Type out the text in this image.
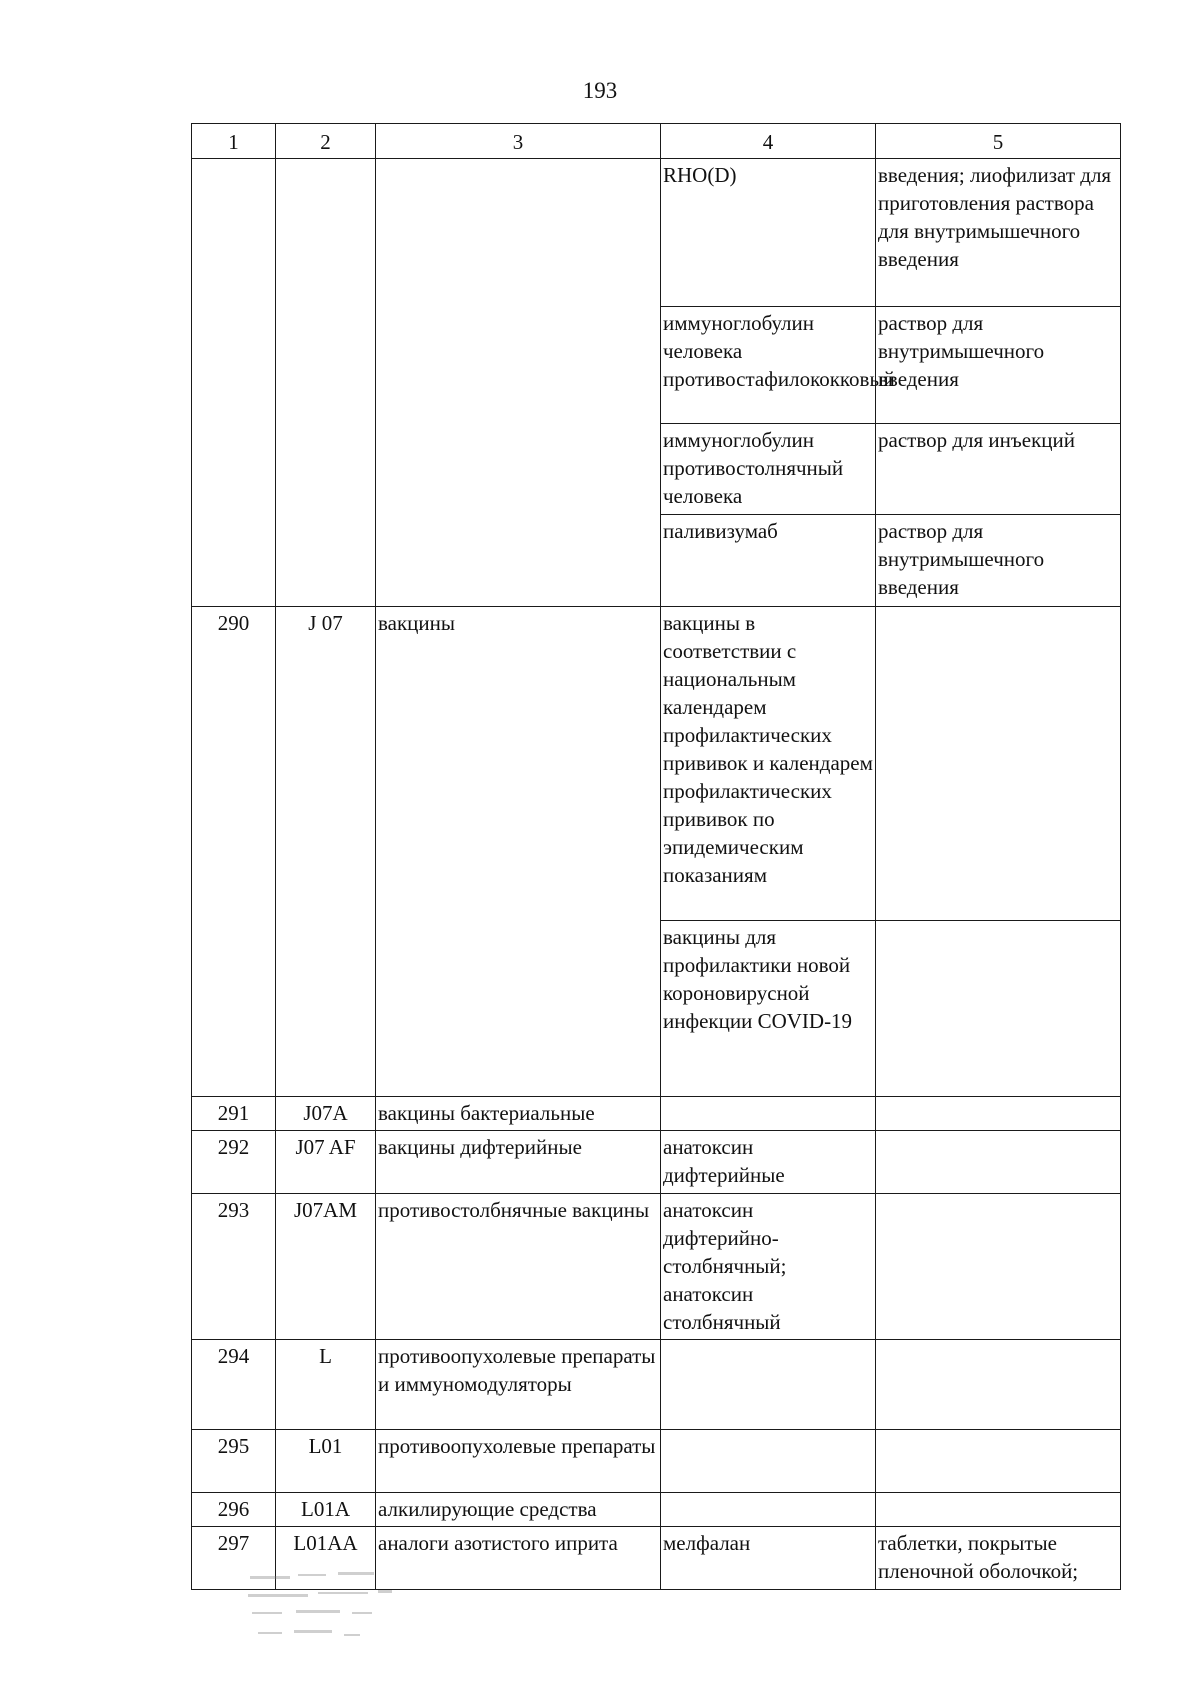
193
1	2	3	4	5
			RHO(D)	введения; лиофилизат для приготовления раствора для внутримышечного введения
			иммуноглобулин человека противостафилококковый	раствор для внутримышечного введения
			иммуноглобулин противостолнячный человека	раствор для инъекций
			паливизумаб	раствор для внутримышечного введения
290	J 07	вакцины	вакцины в соответствии с национальным календарем профилактических прививок и календарем профилактических прививок по эпидемическим показаниям	
			вакцины для профилактики новой короновирусной инфекции COVID-19	
291	J07A	вакцины бактериальные		
292	J07 AF	вакцины дифтерийные	анатоксин дифтерийные	
293	J07AM	противостолбнячные вакцины	анатоксин дифтерийно-столбнячный; анатоксин столбнячный	
294	L	противоопухолевые препараты и иммуномодуляторы		
295	L01	противоопухолевые препараты		
296	L01A	алкилирующие средства		
297	L01AA	аналоги азотистого иприта	мелфалан	таблетки, покрытые пленочной оболочкой;
